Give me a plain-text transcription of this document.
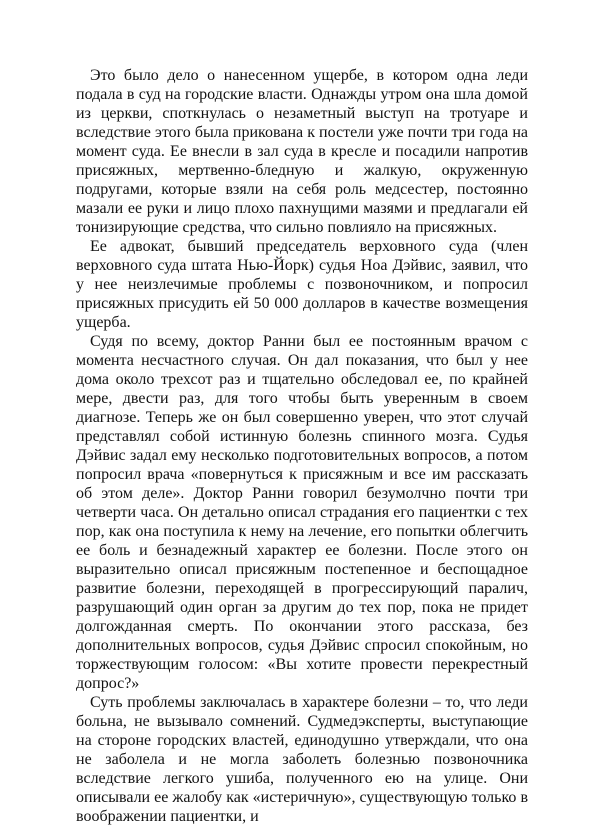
Это было дело о нанесенном ущербе, в котором одна леди подала в суд на городские власти. Однажды утром она шла домой из церкви, споткнулась о незаметный выступ на тротуаре и вследствие этого была прикована к постели уже почти три года на момент суда. Ее внесли в зал суда в кресле и посадили напротив присяжных, мертвенно-бледную и жалкую, окруженную подругами, которые взяли на себя роль медсестер, постоянно мазали ее руки и лицо плохо пахнущими мазями и предлагали ей тонизирующие средства, что сильно повлияло на присяжных.

Ее адвокат, бывший председатель верховного суда (член верховного суда штата Нью-Йорк) судья Ноа Дэйвис, заявил, что у нее неизлечимые проблемы с позвоночником, и попросил присяжных присудить ей 50 000 долларов в качестве возмещения ущерба.

Судя по всему, доктор Ранни был ее постоянным врачом с момента несчастного случая. Он дал показания, что был у нее дома около трехсот раз и тщательно обследовал ее, по крайней мере, двести раз, для того чтобы быть уверенным в своем диагнозе. Теперь же он был совершенно уверен, что этот случай представлял собой истинную болезнь спинного мозга. Судья Дэйвис задал ему несколько подготовительных вопросов, а потом попросил врача «повернуться к присяжным и все им рассказать об этом деле». Доктор Ранни говорил безумолчно почти три четверти часа. Он детально описал страдания его пациентки с тех пор, как она поступила к нему на лечение, его попытки облегчить ее боль и безнадежный характер ее болезни. После этого он выразительно описал присяжным постепенное и беспощадное развитие болезни, переходящей в прогрессирующий паралич, разрушающий один орган за другим до тех пор, пока не придет долгожданная смерть. По окончании этого рассказа, без дополнительных вопросов, судья Дэйвис спросил спокойным, но торжествующим голосом: «Вы хотите провести перекрестный допрос?»

Суть проблемы заключалась в характере болезни – то, что леди больна, не вызывало сомнений. Судмедэксперты, выступающие на стороне городских властей, единодушно утверждали, что она не заболела и не могла заболеть болезнью позвоночника вследствие легкого ушиба, полученного ею на улице. Они описывали ее жалобу как «истеричную», существующую только в воображении пациентки, и
